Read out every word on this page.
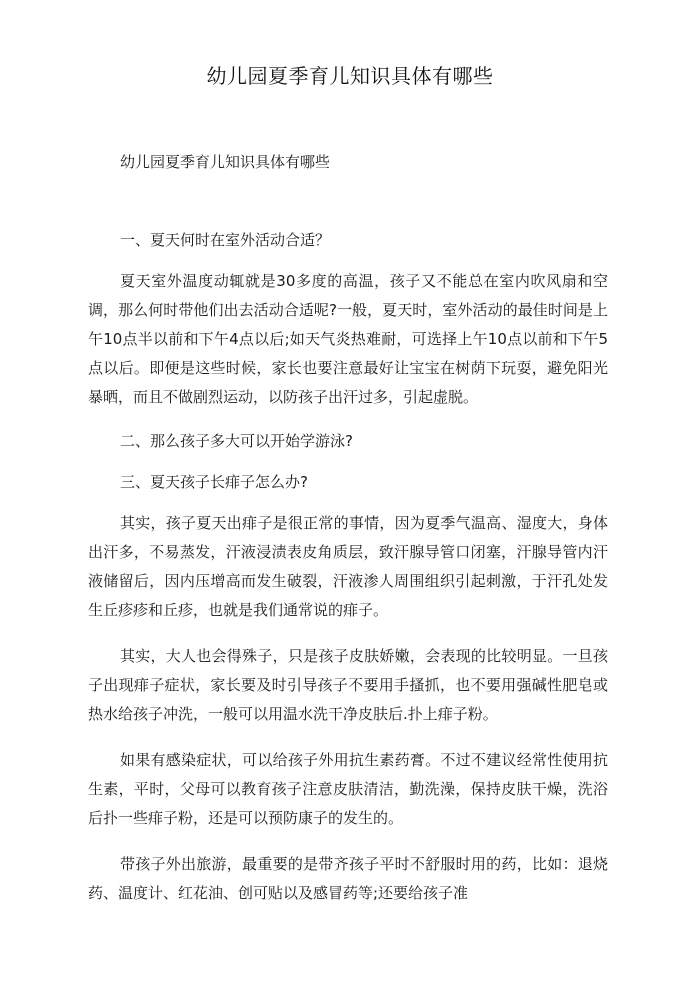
幼儿园夏季育儿知识具体有哪些

幼儿园夏季育儿知识具体有哪些

一、夏天何时在室外活动合适？

夏天室外温度动辄就是30多度的高温，孩子又不能总在室内吹风扇和空调，那么何时带他们出去活动合适呢?一般，夏天时，室外活动的最佳时间是上午10点半以前和下午4点以后;如天气炎热难耐，可选择上午10点以前和下午5点以后。即便是这些时候，家长也要注意最好让宝宝在树荫下玩耍，避免阳光暴晒，而且不做剧烈运动，以防孩子出汗过多，引起虚脱。

二、那么孩子多大可以开始学游泳?

三、夏天孩子长痱子怎么办?

其实，孩子夏天出痱子是很正常的事情，因为夏季气温高、湿度大，身体出汗多，不易蒸发，汗液浸渍表皮角质层，致汗腺导管口闭塞，汗腺导管内汗液储留后，因内压增高而发生破裂，汗液渗人周围组织引起刺激，于汗孔处发生丘疹疹和丘疹，也就是我们通常说的痱子。

其实，大人也会得殊子，只是孩子皮肤娇嫩，会表现的比较明显。一旦孩子出现痱子症状，家长要及时引导孩子不要用手搔抓，也不要用强碱性肥皂或热水给孩子冲洗，一般可以用温水洗干净皮肤后.扑上痱子粉。

如果有感染症状，可以给孩子外用抗生素药膏。不过不建议经常性使用抗生素，平时，父母可以教育孩子注意皮肤清洁，勤洗澡，保持皮肤干燥，洗浴后扑一些痱子粉，还是可以预防康子的发生的。

带孩子外出旅游，最重要的是带齐孩子平时不舒服时用的药，比如：退烧药、温度计、红花油、创可贴以及感冒药等;还要给孩子准
